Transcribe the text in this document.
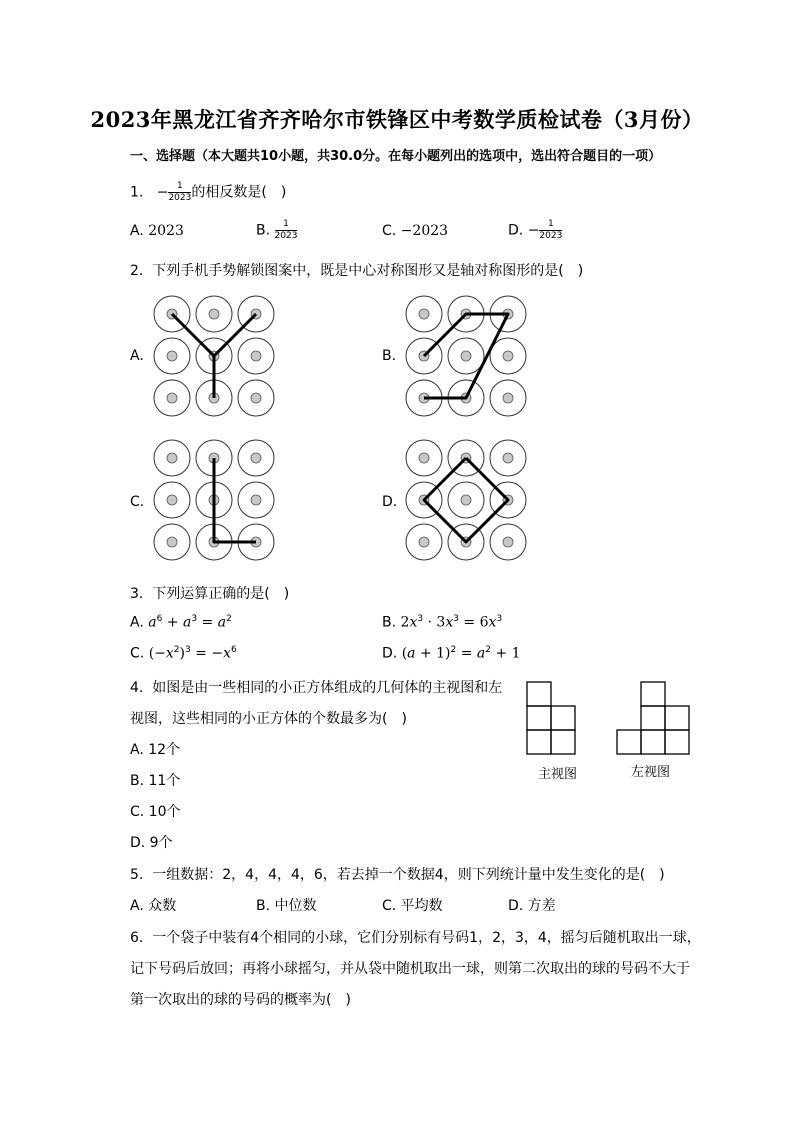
2023年黑龙江省齐齐哈尔市铁锋区中考数学质检试卷（3月份）
一、选择题（本大题共10小题，共30.0分。在每小题列出的选项中，选出符合题目的一项）
1. − $\frac{1}{2023}$ 的相反数是(　)
A. 2023	B. $\frac{1}{2023}$	C. −2023	D. − $\frac{1}{2023}$
2. 下列手机手势解锁图案中，既是中心对称图形又是轴对称图形的是(　)
A.	B.
C.	D.
3. 下列运算正确的是(　)
A. $a^6 + a^3 = a^2$	B. $2x^3 \cdot 3x^3 = 6x^3$
C. $(-x^2)^3 = -x^6$	D. $(a + 1)^2 = a^2 + 1$
4. 如图是由一些相同的小正方体组成的几何体的主视图和左
视图，这些相同的小正方体的个数最多为(　)
A. 12个
B. 11个
C. 10个
D. 9个
主视图	左视图
5. 一组数据：2，4，4，4，6，若去掉一个数据4，则下列统计量中发生变化的是(　)
A. 众数	B. 中位数	C. 平均数	D. 方差
6. 一个袋子中装有4个相同的小球，它们分别标有号码1，2，3，4，摇匀后随机取出一球，
记下号码后放回；再将小球摇匀，并从袋中随机取出一球，则第二次取出的球的号码不大于
第一次取出的球的号码的概率为(　)
